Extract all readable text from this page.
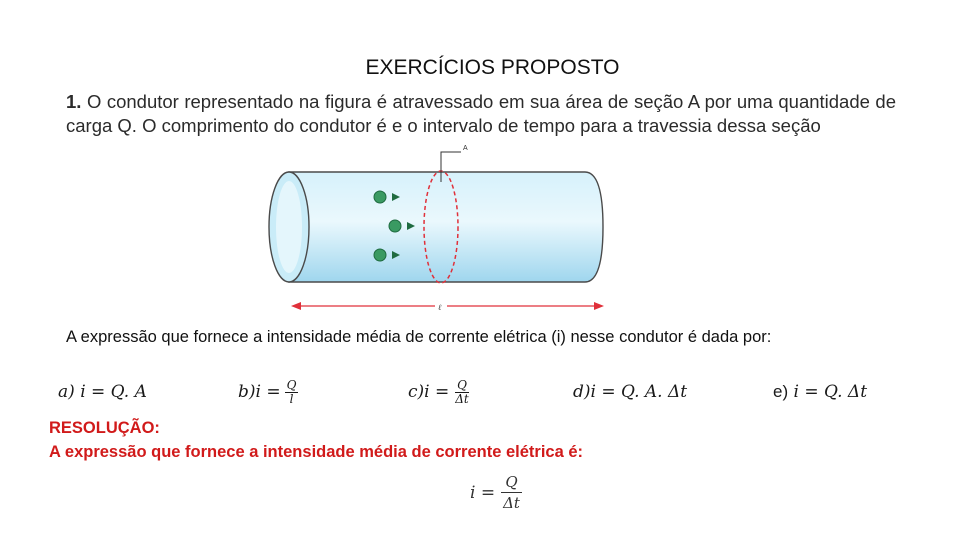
EXERCÍCIOS PROPOSTO
1. O condutor representado na figura é atravessado em sua área de seção A por uma quantidade de carga Q. O comprimento do condutor é e o intervalo de tempo para a travessia dessa seção
A
ℓ
A expressão que fornece a intensidade média de corrente elétrica (i) nesse condutor é dada por:
a)
i = Q. A	b) $i = \frac{Q}{l}$	c) $i = \frac{Q}{\Delta t}$	d) i = Q. A. Δt	e)
i = Q. Δt
RESOLUÇÃO:
A expressão que fornece a intensidade média de corrente elétrica é:
$i = \frac{Q}{\Delta t}$
